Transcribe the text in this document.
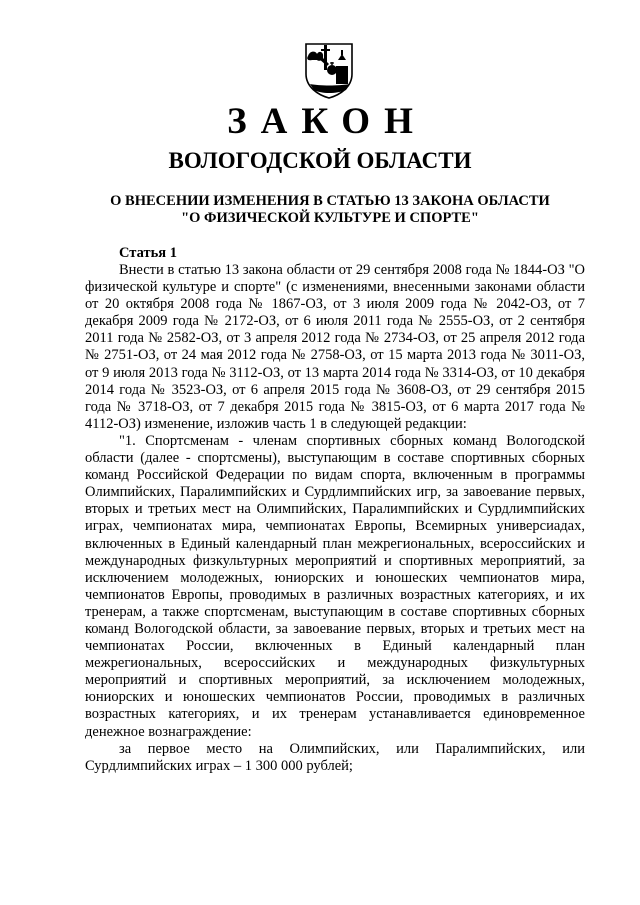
ЗАКОН
ВОЛОГОДСКОЙ ОБЛАСТИ
О ВНЕСЕНИИ ИЗМЕНЕНИЯ В СТАТЬЮ 13 ЗАКОНА ОБЛАСТИ
"О ФИЗИЧЕСКОЙ КУЛЬТУРЕ И СПОРТЕ"
Статья 1

Внести в статью 13 закона области от 29 сентября 2008 года № 1844-ОЗ "О физической культуре и спорте" (с изменениями, внесенными законами области от 20 октября 2008 года № 1867-ОЗ, от 3 июля 2009 года № 2042-ОЗ, от 7 декабря 2009 года № 2172-ОЗ, от 6 июля 2011 года № 2555-ОЗ, от 2 сентября 2011 года № 2582-ОЗ, от 3 апреля 2012 года № 2734-ОЗ, от 25 апреля 2012 года № 2751-ОЗ, от 24 мая 2012 года № 2758-ОЗ, от 15 марта 2013 года № 3011-ОЗ, от 9 июля 2013 года № 3112-ОЗ, от 13 марта 2014 года № 3314-ОЗ, от 10 декабря 2014 года № 3523-ОЗ, от 6 апреля 2015 года № 3608-ОЗ, от 29 сентября 2015 года № 3718-ОЗ, от 7 декабря 2015 года № 3815-ОЗ, от 6 марта 2017 года № 4112-ОЗ) изменение, изложив часть 1 в следующей редакции:

"1. Спортсменам - членам спортивных сборных команд Вологодской области (далее - спортсмены), выступающим в составе спортивных сборных команд Российской Федерации по видам спорта, включенным в программы Олимпийских, Паралимпийских и Сурдлимпийских игр, за завоевание первых, вторых и третьих мест на Олимпийских, Паралимпийских и Сурдлимпийских играх, чемпионатах мира, чемпионатах Европы, Всемирных универсиадах, включенных в Единый календарный план межрегиональных, всероссийских и международных физкультурных мероприятий и спортивных мероприятий, за исключением молодежных, юниорских и юношеских чемпионатов мира, чемпионатов Европы, проводимых в различных возрастных категориях, и их тренерам, а также спортсменам, выступающим в составе спортивных сборных команд Вологодской области, за завоевание первых, вторых и третьих мест на чемпионатах России, включенных в Единый календарный план межрегиональных, всероссийских и международных физкультурных мероприятий и спортивных мероприятий, за исключением молодежных, юниорских и юношеских чемпионатов России, проводимых в различных возрастных категориях, и их тренерам устанавливается единовременное денежное вознаграждение:

за первое место на Олимпийских, или Паралимпийских, или Сурдлимпийских играх – 1 300 000 рублей;
